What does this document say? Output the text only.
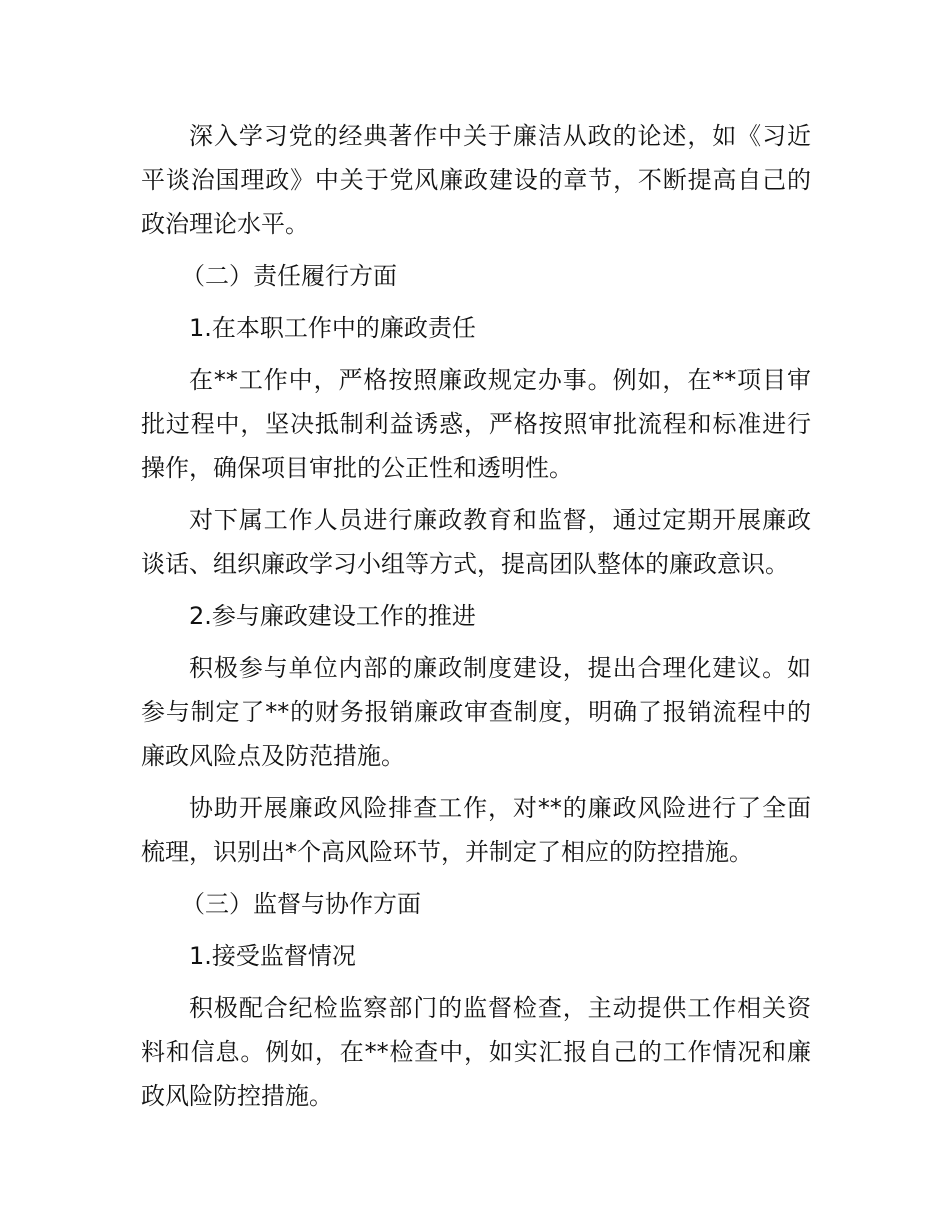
深入学习党的经典著作中关于廉洁从政的论述，如《习近平谈治国理政》中关于党风廉政建设的章节，不断提高自己的政治理论水平。

（二）责任履行方面

1.在本职工作中的廉政责任

在**工作中，严格按照廉政规定办事。例如，在**项目审批过程中，坚决抵制利益诱惑，严格按照审批流程和标准进行操作，确保项目审批的公正性和透明性。

对下属工作人员进行廉政教育和监督，通过定期开展廉政谈话、组织廉政学习小组等方式，提高团队整体的廉政意识。

2.参与廉政建设工作的推进

积极参与单位内部的廉政制度建设，提出合理化建议。如参与制定了**的财务报销廉政审查制度，明确了报销流程中的廉政风险点及防范措施。

协助开展廉政风险排查工作，对**的廉政风险进行了全面梳理，识别出*个高风险环节，并制定了相应的防控措施。

（三）监督与协作方面

1.接受监督情况

积极配合纪检监察部门的监督检查，主动提供工作相关资料和信息。例如，在**检查中，如实汇报自己的工作情况和廉政风险防控措施。
